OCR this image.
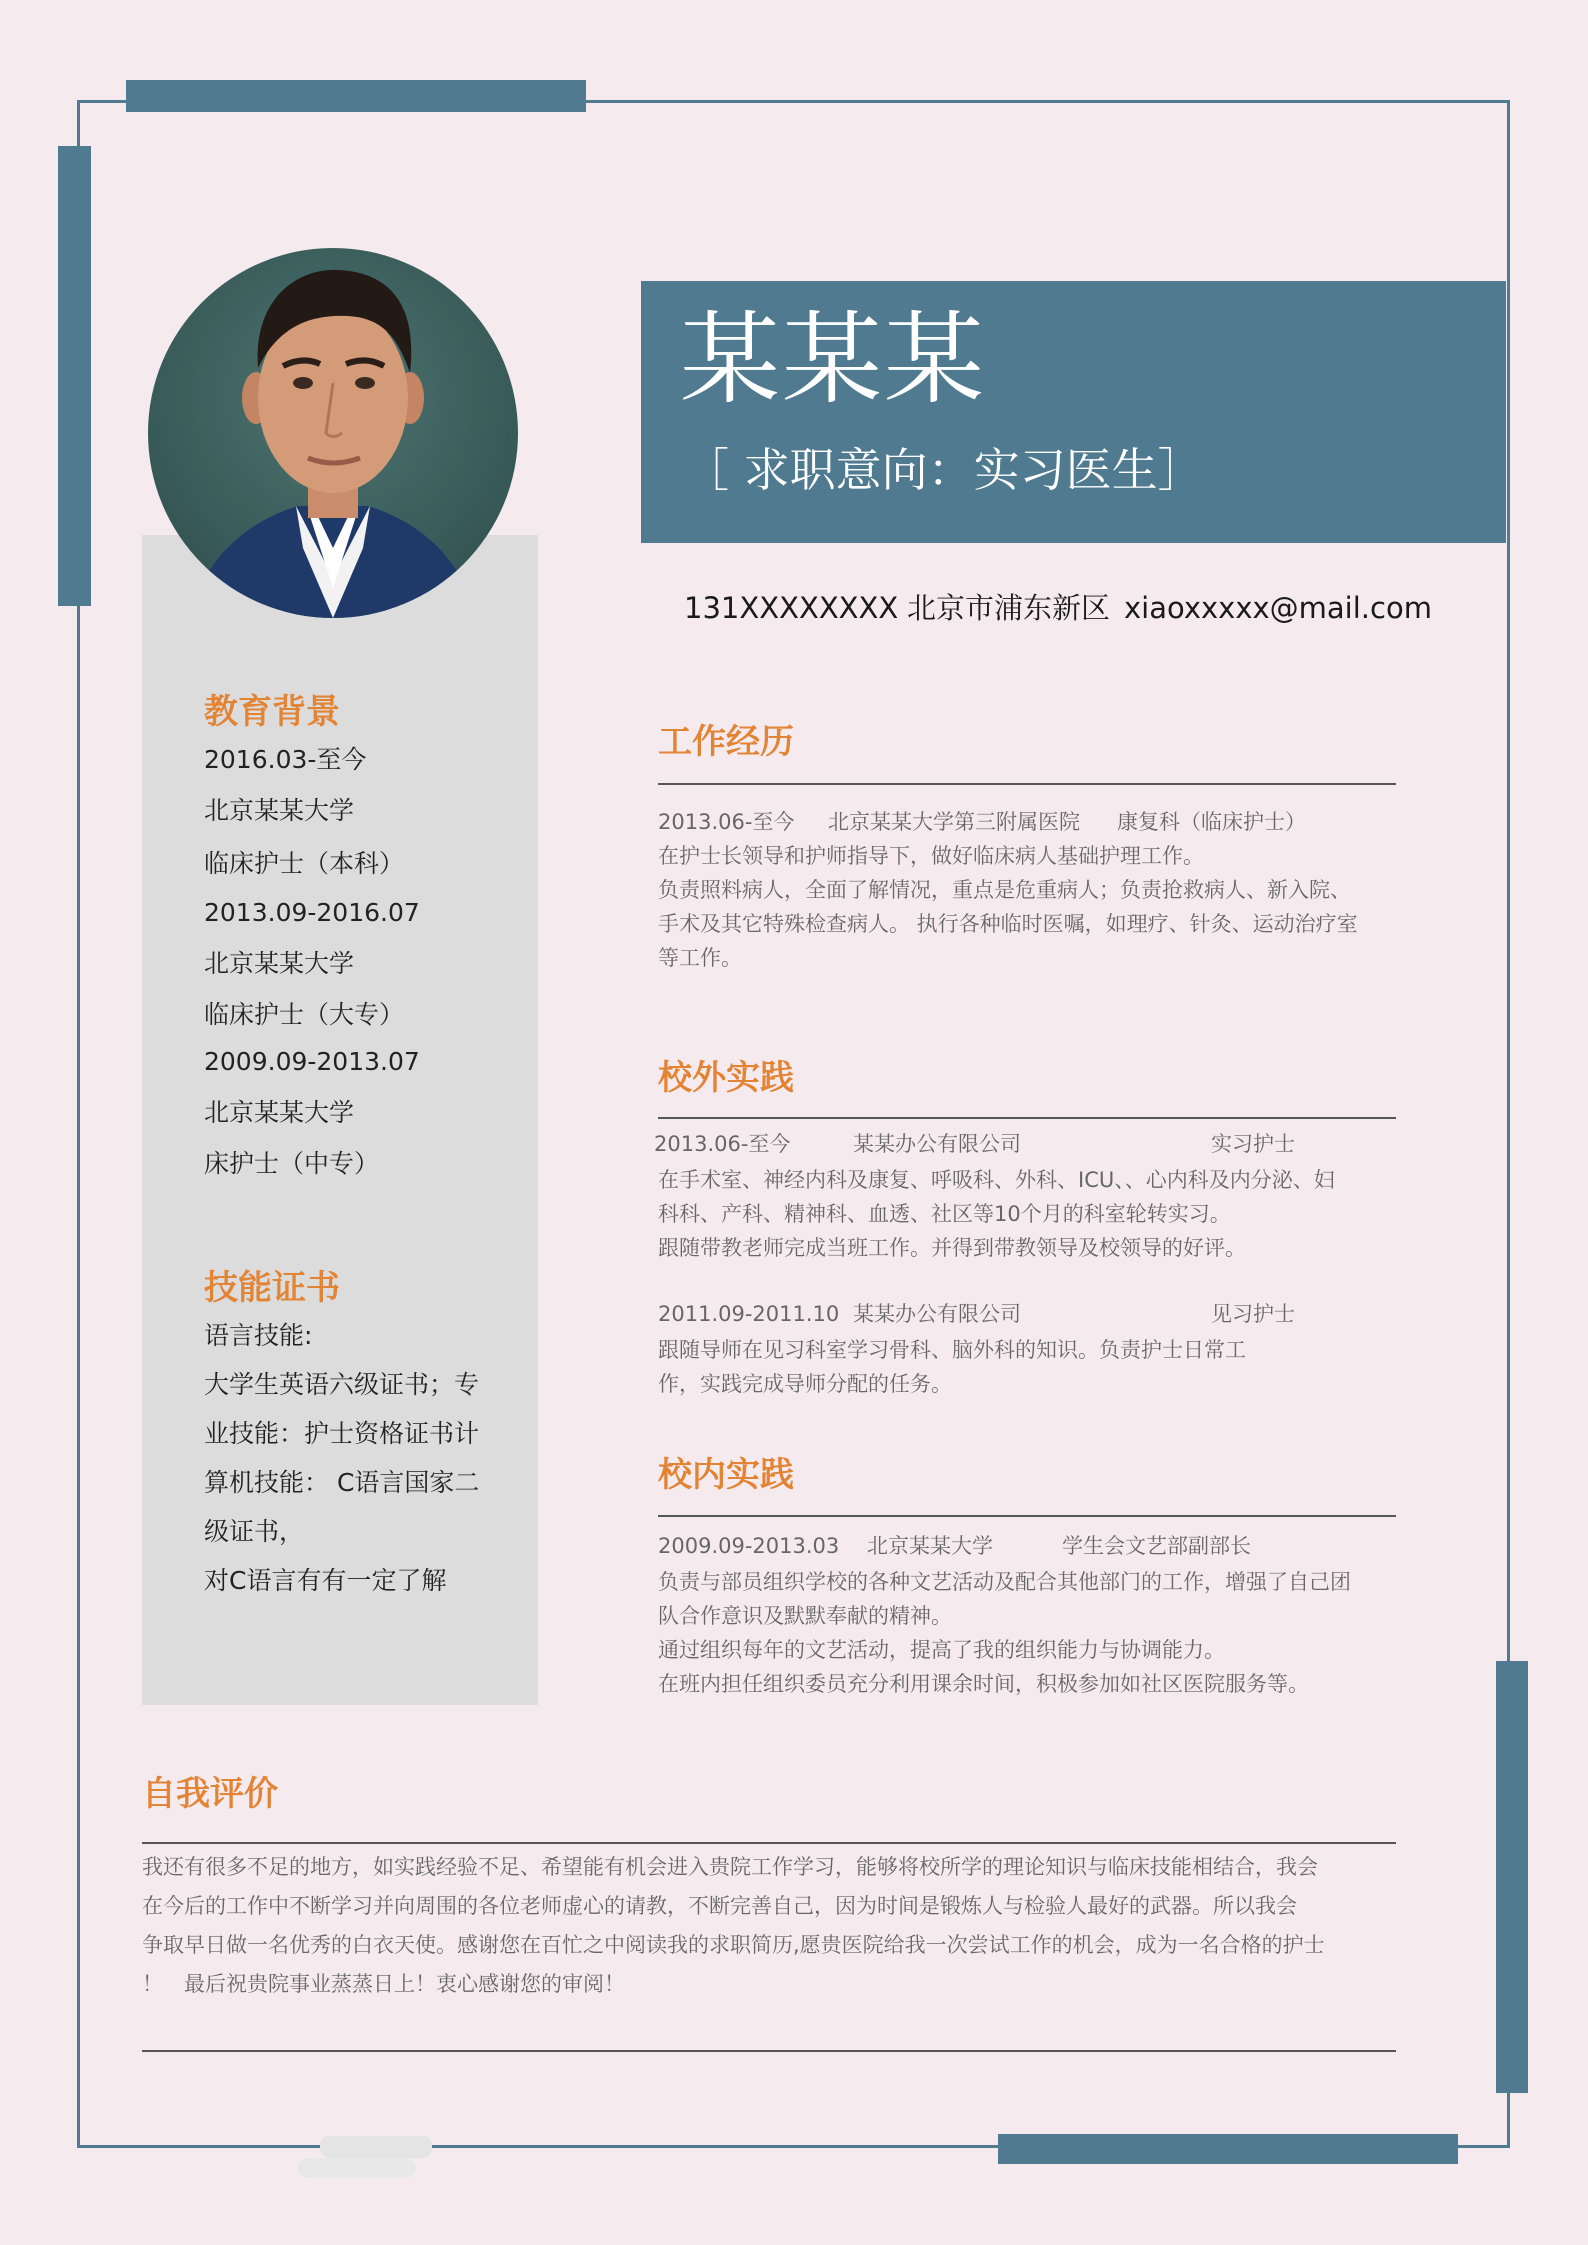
教育背景
2016.03-至今
北京某某大学
临床护士（本科）
2013.09-2016.07
北京某某大学
临床护士（大专）
2009.09-2013.07
北京某某大学
床护士（中专）
技能证书
语言技能:
大学生英语六级证书；专
业技能：护士资格证书计
算机技能： C语言国家二
级证书，
对C语言有有一定了解
某某某
［ 求职意向：实习医生］
131XXXXXXXX 北京市浦东新区 xiaoxxxxx@mail.com
工作经历
2013.06-至今 北京某某大学第三附属医院 康复科（临床护士）
在护士长领导和护师指导下，做好临床病人基础护理工作。
负责照料病人，全面了解情况，重点是危重病人；负责抢救病人、新入院、
手术及其它特殊检查病人。 执行各种临时医嘱，如理疗、针灸、运动治疗室
等工作。
校外实践
2013.06-至今	某某办公有限公司	实习护士
在手术室、神经内科及康复、呼吸科、外科、ICU、、心内科及内分泌、妇
科科、产科、精神科、血透、社区等10个月的科室轮转实习。
跟随带教老师完成当班工作。并得到带教领导及校领导的好评。
2011.09-2011.10 某某办公有限公司	见习护士
跟随导师在见习科室学习骨科、脑外科的知识。负责护士日常工
作，实践完成导师分配的任务。
校内实践
2009.09-2013.03 北京某某大学	学生会文艺部副部长
负责与部员组织学校的各种文艺活动及配合其他部门的工作，增强了自己团
队合作意识及默默奉献的精神。
通过组织每年的文艺活动，提高了我的组织能力与协调能力。
在班内担任组织委员充分利用课余时间，积极参加如社区医院服务等。
自我评价
我还有很多不足的地方，如实践经验不足、希望能有机会进入贵院工作学习，能够将校所学的理论知识与临床技能相结合，我会
在今后的工作中不断学习并向周围的各位老师虚心的请教，不断完善自己，因为时间是锻炼人与检验人最好的武器。所以我会
争取早日做一名优秀的白衣天使。感谢您在百忙之中阅读我的求职简历,愿贵医院给我一次尝试工作的机会，成为一名合格的护士
！　最后祝贵院事业蒸蒸日上！衷心感谢您的审阅！
